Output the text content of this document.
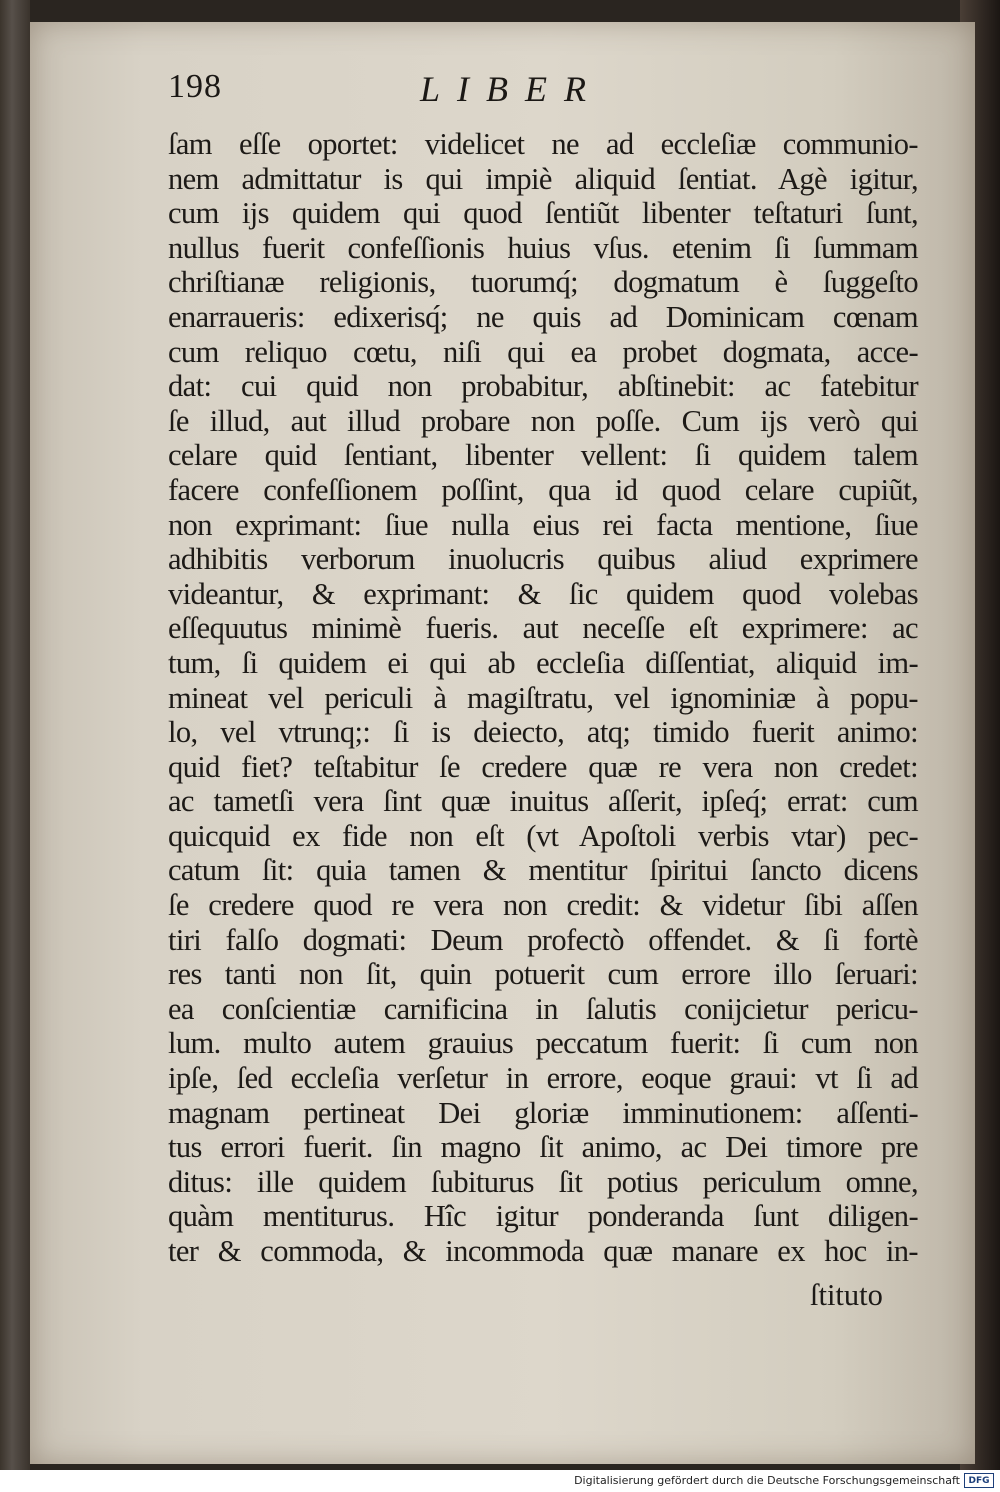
198	LIBER
ſam eſſe oportet: videlicet ne ad eccleſiæ communio-
nem admittatur is qui impiè aliquid ſentiat. Agè igitur,
cum ijs quidem qui quod ſentiũt libenter teſtaturi ſunt,
nullus fuerit confeſſionis huius vſus. etenim ſi ſummam
chriſtianæ religionis, tuorumq́; dogmatum è ſuggeſto
enarraueris: edixerisq́; ne quis ad Dominicam cœnam
cum reliquo cœtu, niſi qui ea probet dogmata, acce-
dat: cui quid non probabitur, abſtinebit: ac fatebitur
ſe illud, aut illud probare non poſſe. Cum ijs verò qui
celare quid ſentiant, libenter vellent: ſi quidem talem
facere confeſſionem poſſint, qua id quod celare cupiũt,
non exprimant: ſiue nulla eius rei facta mentione, ſiue
adhibitis verborum inuolucris quibus aliud exprimere
videantur, & exprimant: & ſic quidem quod volebas
eſſequutus minimè fueris. aut neceſſe eſt exprimere: ac
tum, ſi quidem ei qui ab eccleſia diſſentiat, aliquid im-
mineat vel periculi à magiſtratu, vel ignominiæ à popu-
lo, vel vtrunq;: ſi is deiecto, atq; timido fuerit animo:
quid fiet? teſtabitur ſe credere quæ re vera non credet:
ac tametſi vera ſint quæ inuitus aſſerit, ipſeq́; errat: cum
quicquid ex fide non eſt (vt Apoſtoli verbis vtar) pec-
catum ſit: quia tamen & mentitur ſpiritui ſancto dicens
ſe credere quod re vera non credit: & videtur ſibi aſſen
tiri falſo dogmati: Deum profectò offendet. & ſi fortè
res tanti non ſit, quin potuerit cum errore illo ſeruari:
ea conſcientiæ carnificina in ſalutis conijcietur pericu-
lum. multo autem grauius peccatum fuerit: ſi cum non
ipſe, ſed eccleſia verſetur in errore, eoque graui: vt ſi ad
magnam pertineat Dei gloriæ imminutionem: aſſenti-
tus errori fuerit. ſin magno ſit animo, ac Dei timore pre
ditus: ille quidem ſubiturus ſit potius periculum omne,
quàm mentiturus. Hîc igitur ponderanda ſunt diligen-
ter & commoda, & incommoda quæ manare ex hoc in-
ſtituto
Digitalisierung gefördert durch die Deutsche Forschungsgemeinschaft DFG
